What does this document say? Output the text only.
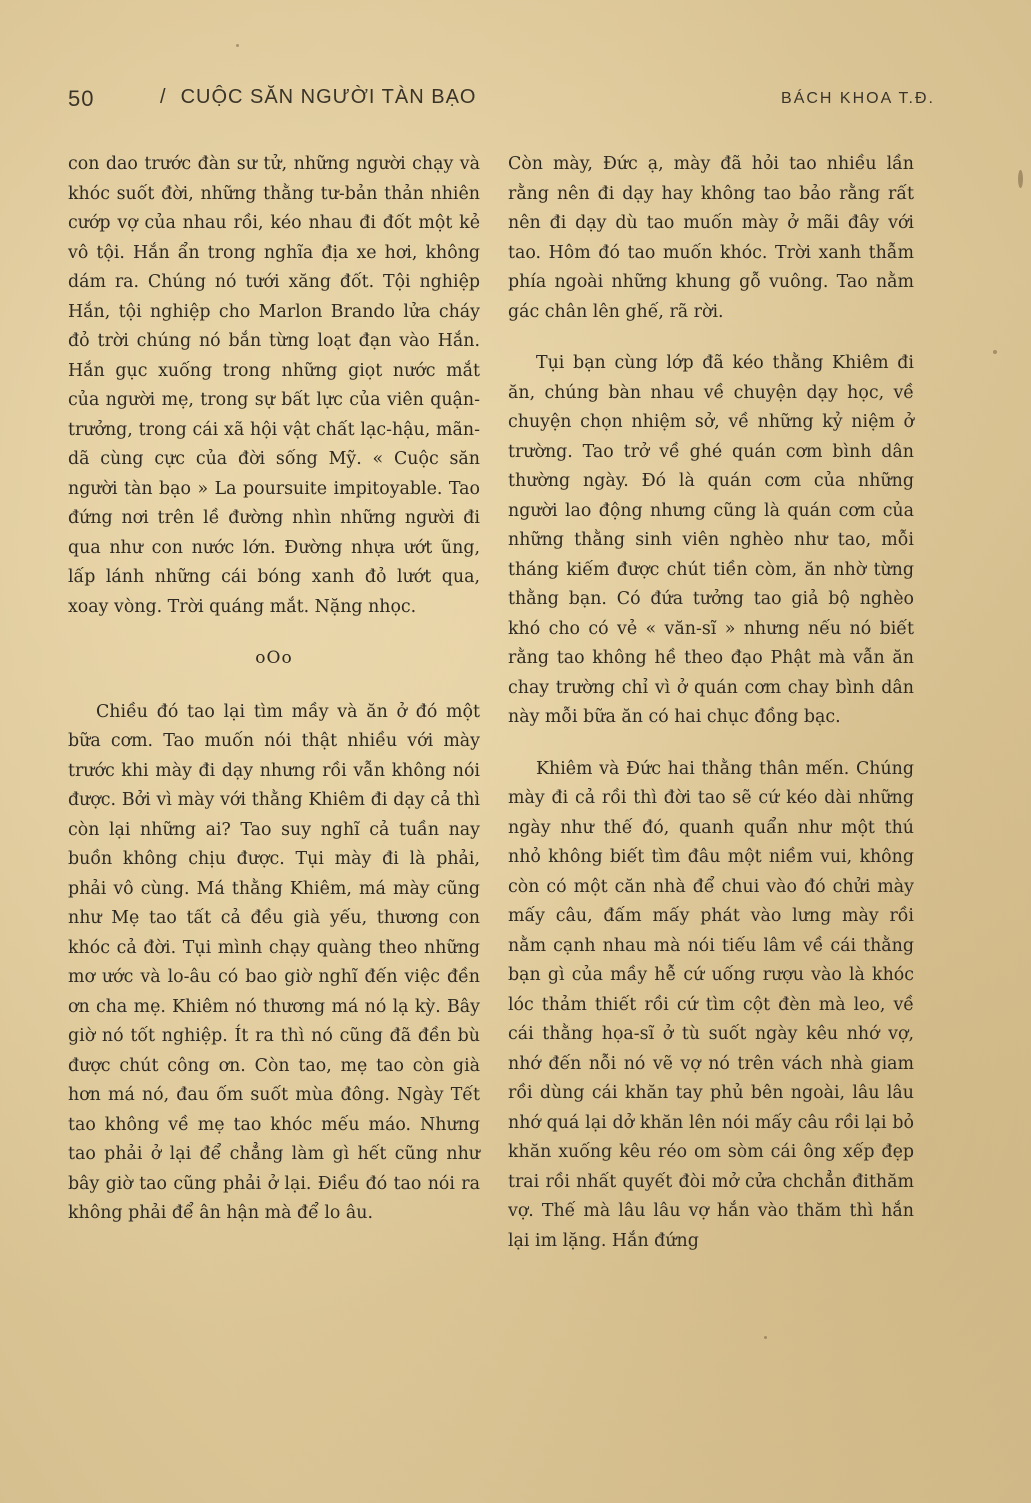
50	/ CUỘC SĂN NGƯỜI TÀN BẠO	BÁCH KHOA T.Đ.

con dao trước đàn sư tử, những người chạy và khóc suốt đời, những thằng tư-bản thản nhiên cướp vợ của nhau rồi, kéo nhau đi đốt một kẻ vô tội. Hắn ẩn trong nghĩa địa xe hơi, không dám ra. Chúng nó tưới xăng đốt. Tội nghiệp Hắn, tội nghiệp cho Marlon Brando lửa cháy đỏ trời chúng nó bắn từng loạt đạn vào Hắn. Hắn gục xuống trong những giọt nước mắt của người mẹ, trong sự bất lực của viên quận-trưởng, trong cái xã hội vật chất lạc-hậu, mãn-dã cùng cực của đời sống Mỹ. « Cuộc săn người tàn bạo » La poursuite impitoyable. Tao đứng nơi trên lề đường nhìn những người đi qua như con nước lớn. Đường nhựa ướt ũng, lấp lánh những cái bóng xanh đỏ lướt qua, xoay vòng. Trời quáng mắt. Nặng nhọc.

oOo

Chiều đó tao lại tìm mầy và ăn ở đó một bữa cơm. Tao muốn nói thật nhiều với mày trước khi mày đi dạy nhưng rồi vẫn không nói được. Bởi vì mày với thằng Khiêm đi dạy cả thì còn lại những ai? Tao suy nghĩ cả tuần nay buồn không chịu được. Tụi mày đi là phải, phải vô cùng. Má thằng Khiêm, má mày cũng như Mẹ tao tất cả đều già yếu, thương con khóc cả đời. Tụi mình chạy quàng theo những mơ ước và lo-âu có bao giờ nghĩ đến việc đền ơn cha mẹ. Khiêm nó thương má nó lạ kỳ. Bây giờ nó tốt nghiệp. Ít ra thì nó cũng đã đền bù được chút công ơn. Còn tao, mẹ tao còn già hơn má nó, đau ốm suốt mùa đông. Ngày Tết tao không về mẹ tao khóc mếu máo. Nhưng tao phải ở lại để chẳng làm gì hết cũng như bây giờ tao cũng phải ở lại. Điều đó tao nói ra không phải để ân hận mà để lo âu.

Còn mày, Đức ạ, mày đã hỏi tao nhiều lần rằng nên đi dạy hay không tao bảo rằng rất nên đi dạy dù tao muốn mày ở mãi đây với tao. Hôm đó tao muốn khóc. Trời xanh thẫm phía ngoài những khung gỗ vuông. Tao nằm gác chân lên ghế, rã rời.

Tụi bạn cùng lớp đã kéo thằng Khiêm đi ăn, chúng bàn nhau về chuyện dạy học, về chuyện chọn nhiệm sở, về những kỷ niệm ở trường. Tao trở về ghé quán cơm bình dân thường ngày. Đó là quán cơm của những người lao động nhưng cũng là quán cơm của những thằng sinh viên nghèo như tao, mỗi tháng kiếm được chút tiền còm, ăn nhờ từng thằng bạn. Có đứa tưởng tao giả bộ nghèo khó cho có vẻ « văn-sĩ » nhưng nếu nó biết rằng tao không hề theo đạo Phật mà vẫn ăn chay trường chỉ vì ở quán cơm chay bình dân này mỗi bữa ăn có hai chục đồng bạc.

Khiêm và Đức hai thằng thân mến. Chúng mày đi cả rồi thì đời tao sẽ cứ kéo dài những ngày như thế đó, quanh quẩn như một thú nhỏ không biết tìm đâu một niềm vui, không còn có một căn nhà để chui vào đó chửi mày mấy câu, đấm mấy phát vào lưng mày rồi nằm cạnh nhau mà nói tiếu lâm về cái thằng bạn gì của mầy hễ cứ uống rượu vào là khóc lóc thảm thiết rồi cứ tìm cột đèn mà leo, về cái thằng họa-sĩ ở tù suốt ngày kêu nhớ vợ, nhớ đến nỗi nó vẽ vợ nó trên vách nhà giam rồi dùng cái khăn tay phủ bên ngoài, lâu lâu nhớ quá lại dở khăn lên nói mấy câu rồi lại bỏ khăn xuống kêu réo om sòm cái ông xếp đẹp trai rồi nhất quyết đòi mở cửa chchẳn đithăm vợ. Thế mà lâu lâu vợ hắn vào thăm thì hắn lại im lặng. Hắn đứng
